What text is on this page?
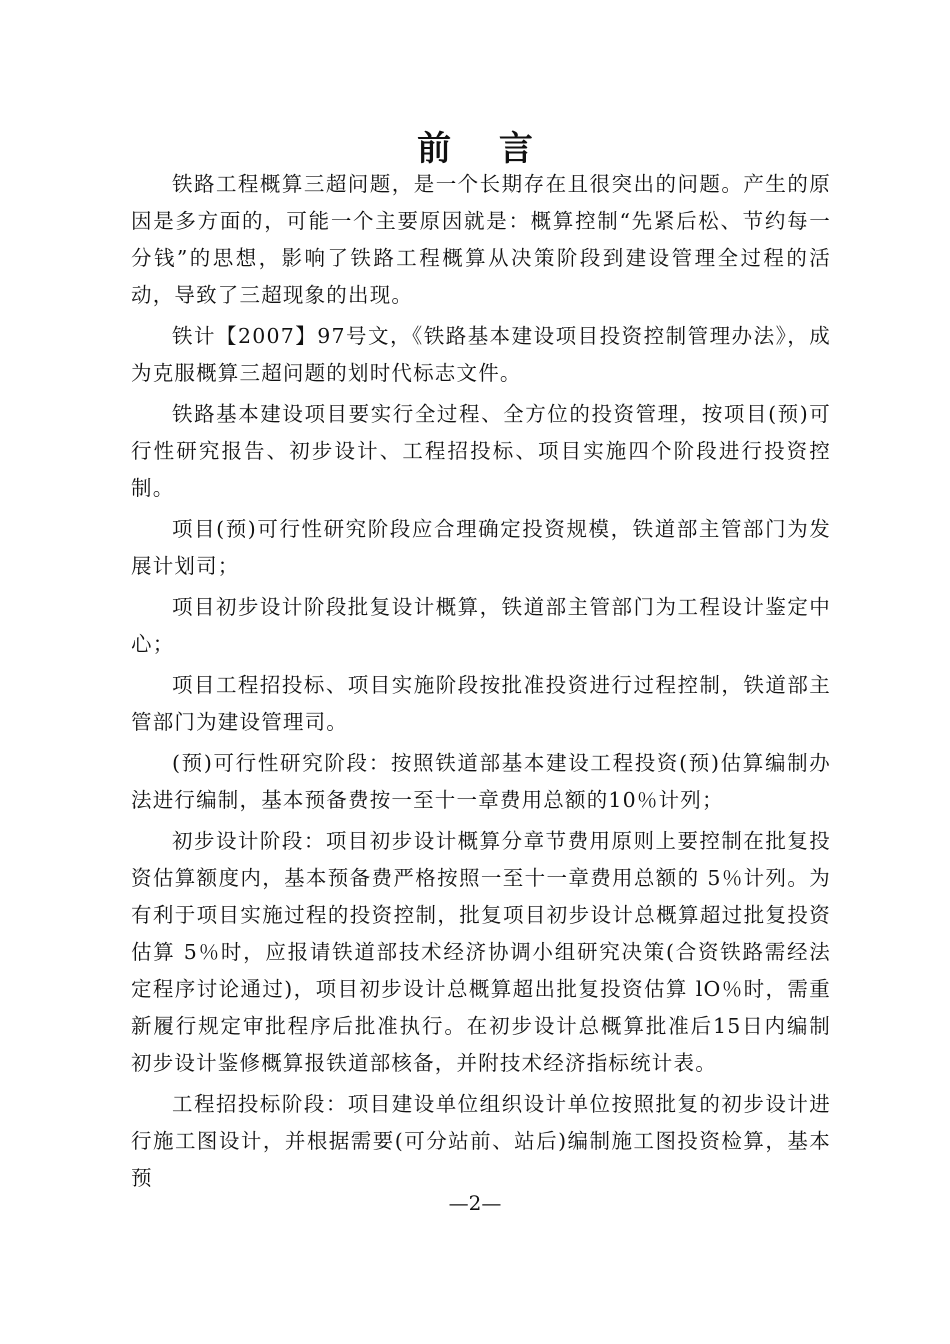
前 言

铁路工程概算三超问题，是一个长期存在且很突出的问题。产生的原因是多方面的，可能一个主要原因就是：概算控制“先紧后松、节约每一分钱”的思想，影响了铁路工程概算从决策阶段到建设管理全过程的活动，导致了三超现象的出现。

铁计【2007】97号文，《铁路基本建设项目投资控制管理办法》，成为克服概算三超问题的划时代标志文件。

铁路基本建设项目要实行全过程、全方位的投资管理，按项目(预)可行性研究报告、初步设计、工程招投标、项目实施四个阶段进行投资控制。

项目(预)可行性研究阶段应合理确定投资规模，铁道部主管部门为发展计划司；

项目初步设计阶段批复设计概算，铁道部主管部门为工程设计鉴定中心；

项目工程招投标、项目实施阶段按批准投资进行过程控制，铁道部主管部门为建设管理司。

(预)可行性研究阶段：按照铁道部基本建设工程投资(预)估算编制办法进行编制，基本预备费按一至十一章费用总额的10％计列；

初步设计阶段：项目初步设计概算分章节费用原则上要控制在批复投资估算额度内，基本预备费严格按照一至十一章费用总额的 5％计列。为有利于项目实施过程的投资控制，批复项目初步设计总概算超过批复投资估算 5％时，应报请铁道部技术经济协调小组研究决策(合资铁路需经法定程序讨论通过)，项目初步设计总概算超出批复投资估算 lO％时，需重新履行规定审批程序后批准执行。在初步设计总概算批准后15日内编制初步设计鉴修概算报铁道部核备，并附技术经济指标统计表。

工程招投标阶段：项目建设单位组织设计单位按照批复的初步设计进行施工图设计，并根据需要(可分站前、站后)编制施工图投资检算，基本预

—2—
